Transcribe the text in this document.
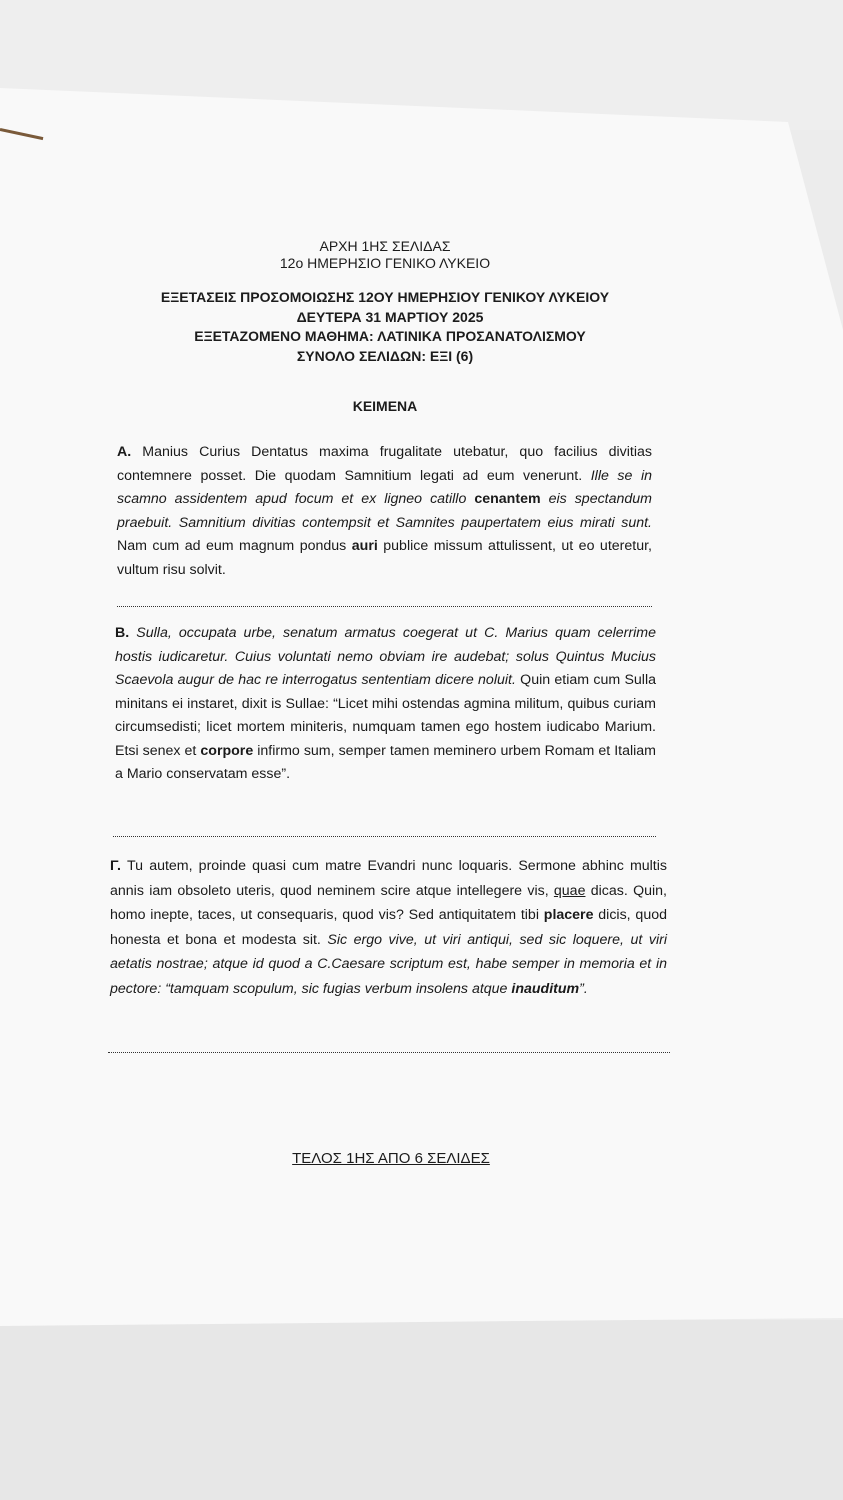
ΑΡΧΗ 1ΗΣ ΣΕΛΙΔΑΣ
12ο ΗΜΕΡΗΣΙΟ ΓΕΝΙΚΟ ΛΥΚΕΙΟ
ΕΞΕΤΑΣΕΙΣ ΠΡΟΣΟΜΟΙΩΣΗΣ 12ΟΥ ΗΜΕΡΗΣΙΟΥ ΓΕΝΙΚΟΥ ΛΥΚΕΙΟΥ
ΔΕΥΤΕΡΑ 31 ΜΑΡΤΙΟΥ 2025
ΕΞΕΤΑΖΟΜΕΝΟ ΜΑΘΗΜΑ: ΛΑΤΙΝΙΚΑ ΠΡΟΣΑΝΑΤΟΛΙΣΜΟΥ
ΣΥΝΟΛΟ ΣΕΛΙΔΩΝ: ΕΞΙ (6)
ΚΕΙΜΕΝΑ
Α. Manius Curius Dentatus maxima frugalitate utebatur, quo facilius divitias contemnere posset. Die quodam Samnitium legati ad eum venerunt. Ille se in scamno assidentem apud focum et ex ligneo catillo cenantem eis spectandum praebuit. Samnitium divitias contempsit et Samnites paupertatem eius mirati sunt. Nam cum ad eum magnum pondus auri publice missum attulissent, ut eo uteretur, vultum risu solvit.
Β. Sulla, occupata urbe, senatum armatus coegerat ut C. Marius quam celerrime hostis iudicaretur. Cuius voluntati nemo obviam ire audebat; solus Quintus Mucius Scaevola augur de hac re interrogatus sententiam dicere noluit. Quin etiam cum Sulla minitans ei instaret, dixit is Sullae: “Licet mihi ostendas agmina militum, quibus curiam circumsedisti; licet mortem miniteris, numquam tamen ego hostem iudicabo Marium. Etsi senex et corpore infirmo sum, semper tamen meminero urbem Romam et Italiam a Mario conservatam esse”.
Γ. Tu autem, proinde quasi cum matre Evandri nunc loquaris. Sermone abhinc multis annis iam obsoleto uteris, quod neminem scire atque intellegere vis, quae dicas. Quin, homo inepte, taces, ut consequaris, quod vis? Sed antiquitatem tibi placere dicis, quod honesta et bona et modesta sit. Sic ergo vive, ut viri antiqui, sed sic loquere, ut viri aetatis nostrae; atque id quod a C.Caesare scriptum est, habe semper in memoria et in pectore: “tamquam scopulum, sic fugias verbum insolens atque inauditum”.
ΤΕΛΟΣ 1ΗΣ ΑΠΟ 6 ΣΕΛΙΔΕΣ
